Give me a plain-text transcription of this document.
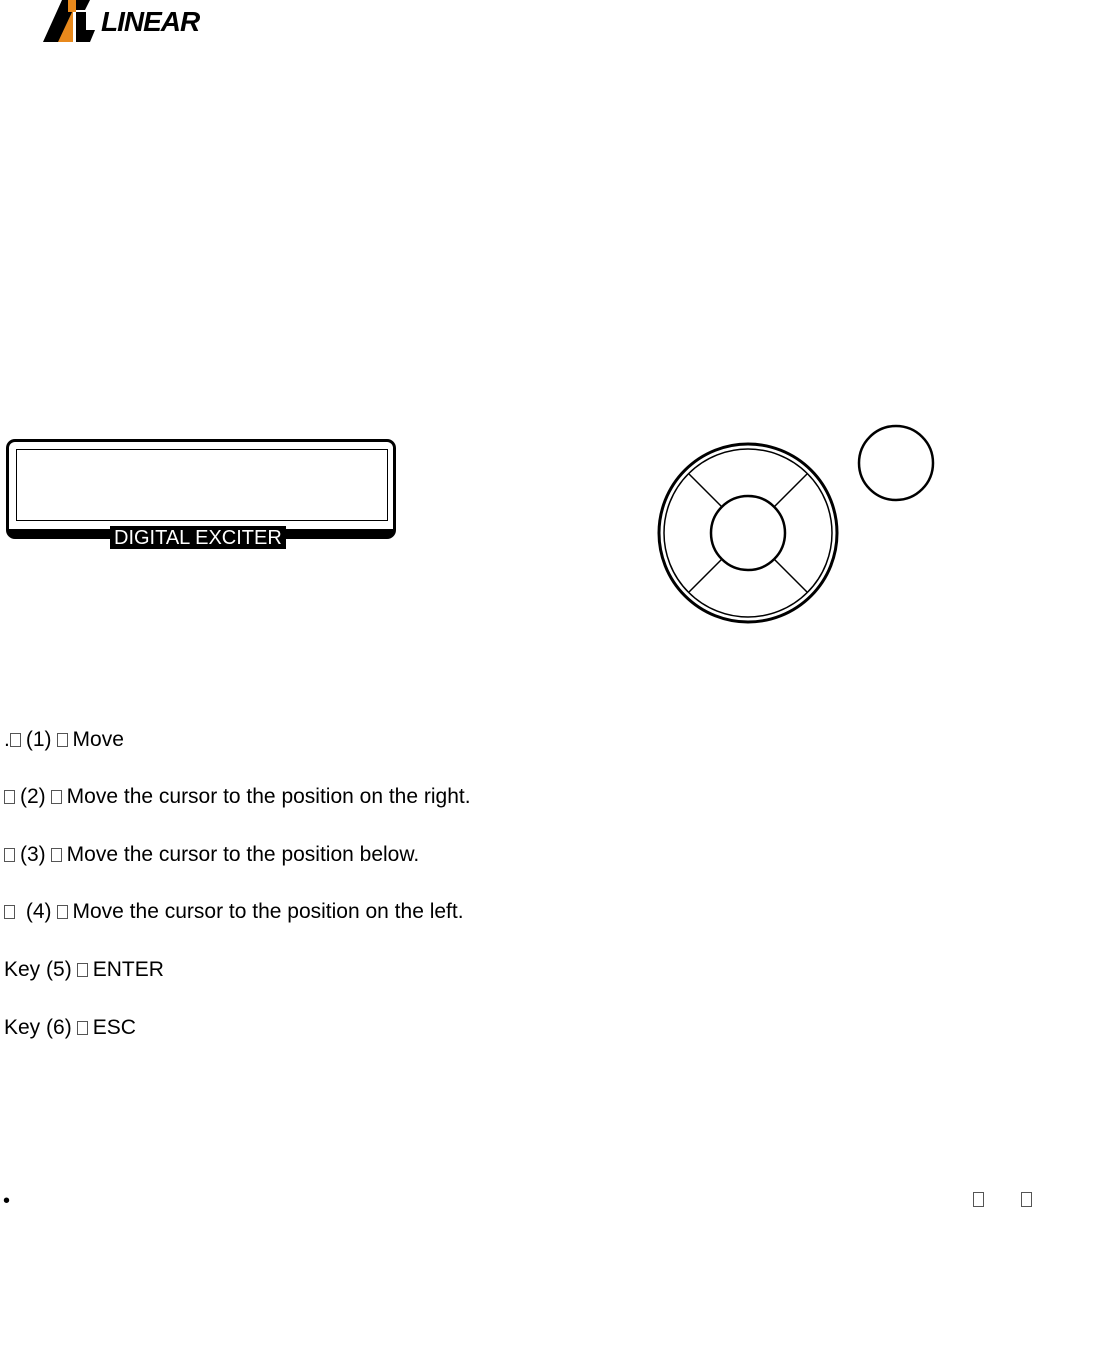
LINEAR
DIGITAL EXCITER
. (1) Move
(2) Move the cursor to the position on the right.
(3) Move the cursor to the position below.
(4) Move the cursor to the position on the left.
Key (5) ENTER
Key (6) ESC
•
